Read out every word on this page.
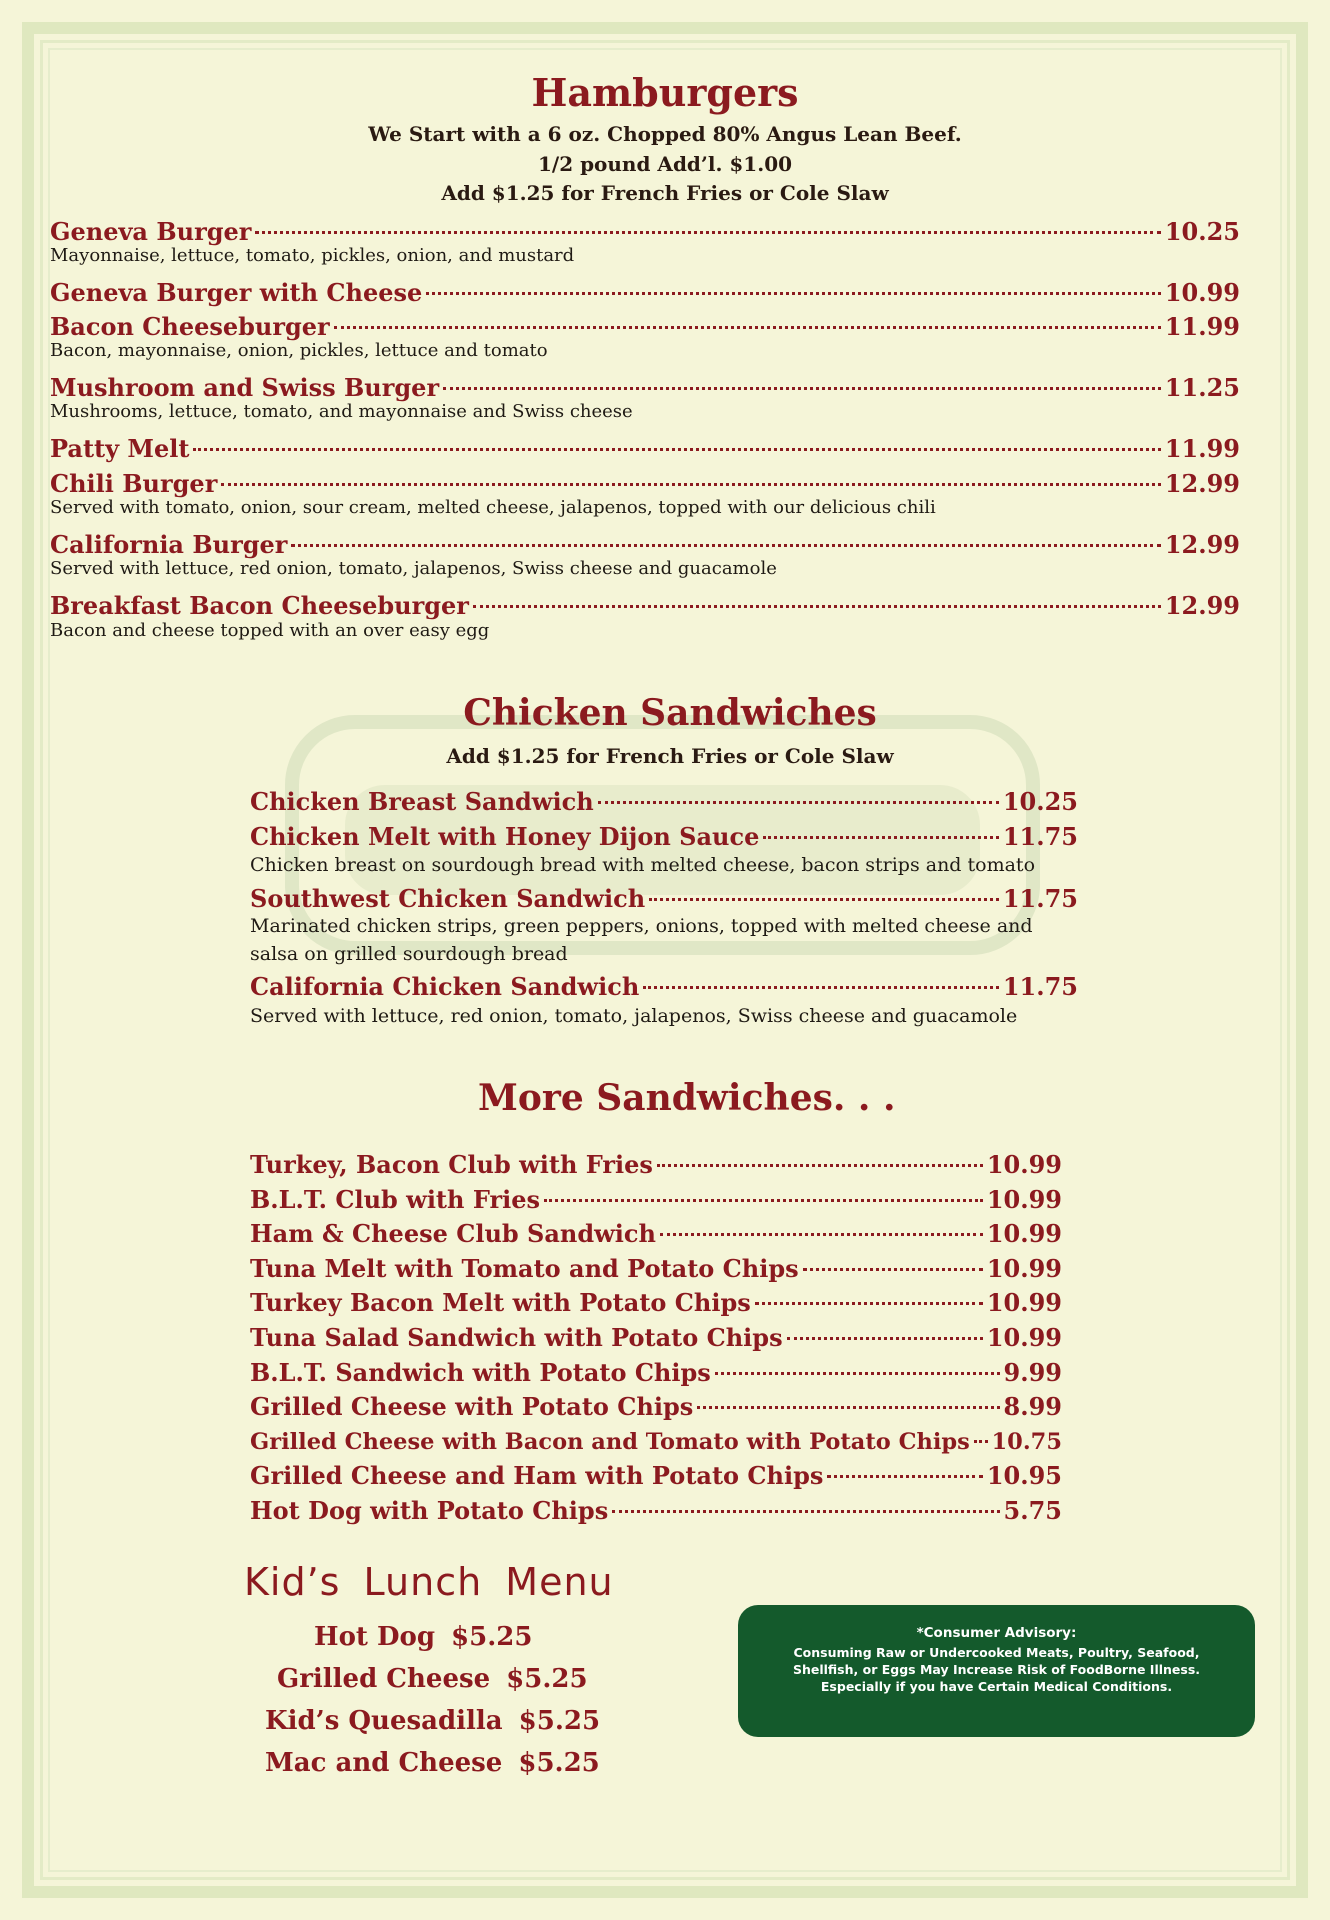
Hamburgers
We Start with a 6 oz. Chopped 80% Angus Lean Beef.
1/2 pound Add’l. $1.00
Add $1.25 for French Fries or Cole Slaw
Geneva Burger	10.25
Mayonnaise, lettuce, tomato, pickles, onion, and mustard
Geneva Burger with Cheese	10.99
Bacon Cheeseburger	11.99
Bacon, mayonnaise, onion, pickles, lettuce and tomato
Mushroom and Swiss Burger	11.25
Mushrooms, lettuce, tomato, and mayonnaise and Swiss cheese
Patty Melt	11.99
Chili Burger	12.99
Served with tomato, onion, sour cream, melted cheese, jalapenos, topped with our delicious chili
California Burger	12.99
Served with lettuce, red onion, tomato, jalapenos, Swiss cheese and guacamole
Breakfast Bacon Cheeseburger	12.99
Bacon and cheese topped with an over easy egg
Chicken Sandwiches
Add $1.25 for French Fries or Cole Slaw
Chicken Breast Sandwich	10.25
Chicken Melt with Honey Dijon Sauce	11.75
Chicken breast on sourdough bread with melted cheese, bacon strips and tomato
Southwest Chicken Sandwich	11.75
Marinated chicken strips, green peppers, onions, topped with melted cheese and salsa on grilled sourdough bread
California Chicken Sandwich	11.75
Served with lettuce, red onion, tomato, jalapenos, Swiss cheese and guacamole
More Sandwiches. . .
Turkey, Bacon Club with Fries	10.99
B.L.T. Club with Fries	10.99
Ham & Cheese Club Sandwich	10.99
Tuna Melt with Tomato and Potato Chips	10.99
Turkey Bacon Melt with Potato Chips	10.99
Tuna Salad Sandwich with Potato Chips	10.99
B.L.T. Sandwich with Potato Chips	9.99
Grilled Cheese with Potato Chips	8.99
Grilled Cheese with Bacon and Tomato with Potato Chips 10.75
Grilled Cheese and Ham with Potato Chips	10.95
Hot Dog with Potato Chips	5.75
Kid’s Lunch Menu
Hot Dog $5.25
Grilled Cheese $5.25
Kid’s Quesadilla $5.25
Mac and Cheese $5.25
*Consumer Advisory:
Consuming Raw or Undercooked Meats, Poultry, Seafood,
Shellfish, or Eggs May Increase Risk of FoodBorne Illness.
Especially if you have Certain Medical Conditions.
